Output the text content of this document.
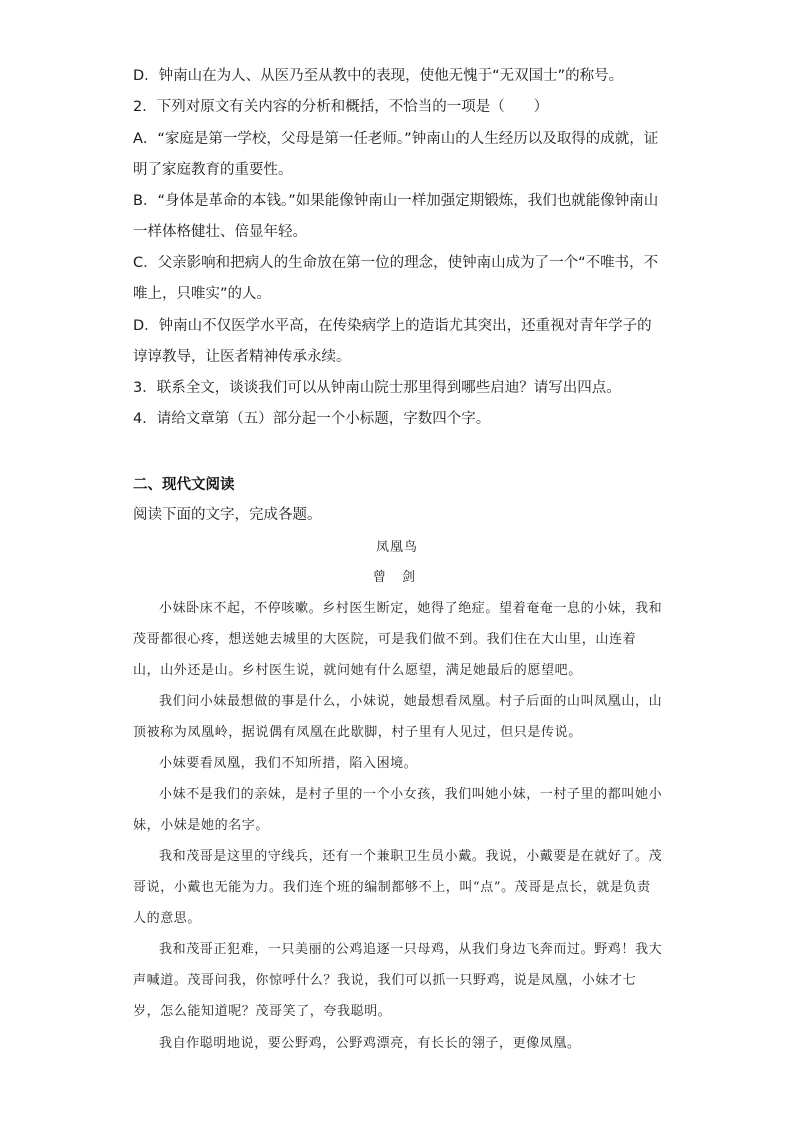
D．钟南山在为人、从医乃至从教中的表现，使他无愧于“无双国士”的称号。

2．下列对原文有关内容的分析和概括，不恰当的一项是（　　）

A．“家庭是第一学校，父母是第一任老师。”钟南山的人生经历以及取得的成就，证明了家庭教育的重要性。

B．“身体是革命的本钱。”如果能像钟南山一样加强定期锻炼，我们也就能像钟南山一样体格健壮、倍显年轻。

C．父亲影响和把病人的生命放在第一位的理念，使钟南山成为了一个“不唯书，不唯上，只唯实”的人。

D．钟南山不仅医学水平高，在传染病学上的造诣尤其突出，还重视对青年学子的谆谆教导，让医者精神传承永续。

3．联系全文，谈谈我们可以从钟南山院士那里得到哪些启迪？请写出四点。

4．请给文章第（五）部分起一个小标题，字数四个字。

二、现代文阅读

阅读下面的文字，完成各题。

凤凰鸟

曾 剑

小妹卧床不起，不停咳嗽。乡村医生断定，她得了绝症。望着奄奄一息的小妹，我和茂哥都很心疼，想送她去城里的大医院，可是我们做不到。我们住在大山里，山连着山，山外还是山。乡村医生说，就问她有什么愿望，满足她最后的愿望吧。

我们问小妹最想做的事是什么，小妹说，她最想看凤凰。村子后面的山叫凤凰山，山顶被称为凤凰岭，据说偶有凤凰在此歇脚，村子里有人见过，但只是传说。

小妹要看凤凰，我们不知所措，陷入困境。

小妹不是我们的亲妹，是村子里的一个小女孩，我们叫她小妹，一村子里的都叫她小妹，小妹是她的名字。

我和茂哥是这里的守线兵，还有一个兼职卫生员小戴。我说，小戴要是在就好了。茂哥说，小戴也无能为力。我们连个班的编制都够不上，叫“点”。茂哥是点长，就是负责人的意思。

我和茂哥正犯难，一只美丽的公鸡追逐一只母鸡，从我们身边飞奔而过。野鸡！我大声喊道。茂哥问我，你惊呼什么？我说，我们可以抓一只野鸡，说是凤凰，小妹才七岁，怎么能知道呢？茂哥笑了，夸我聪明。

我自作聪明地说，要公野鸡，公野鸡漂亮，有长长的翎子，更像凤凰。
